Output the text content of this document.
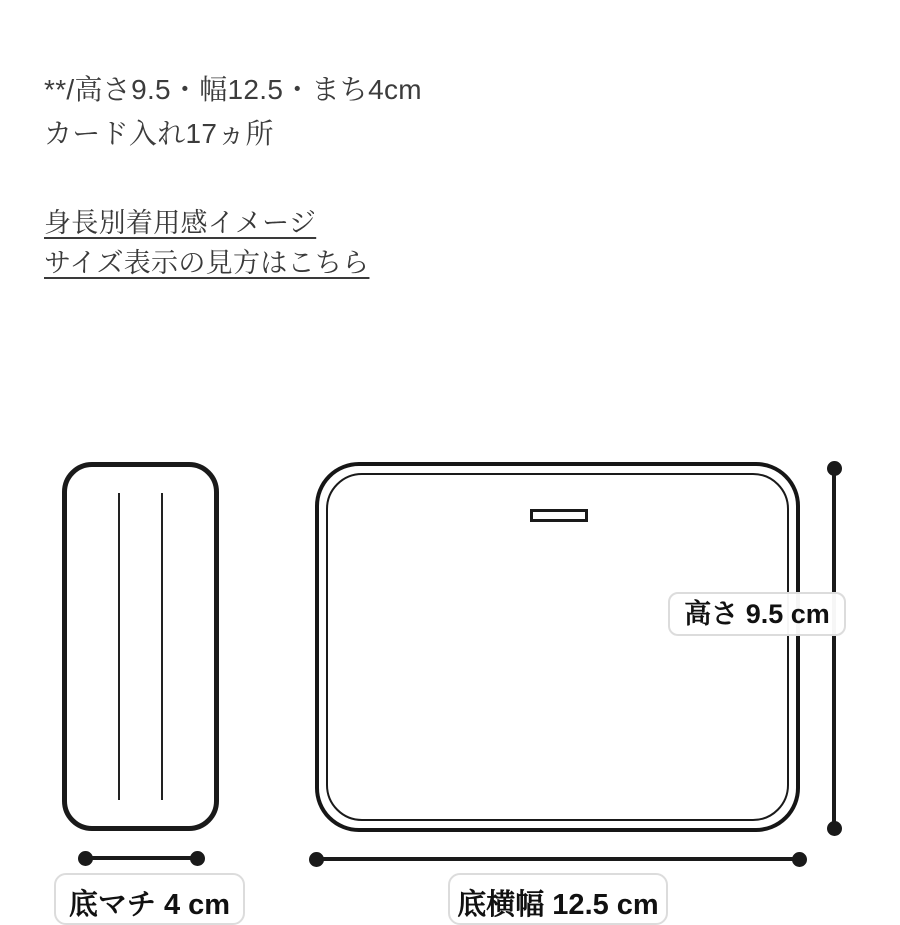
**/高さ9.5・幅12.5・まち4cm
カード入れ17ヵ所
身長別着用感イメージ
サイズ表示の見方はこちら
高さ 9.5 cm
底マチ 4 cm	底横幅 12.5 cm
